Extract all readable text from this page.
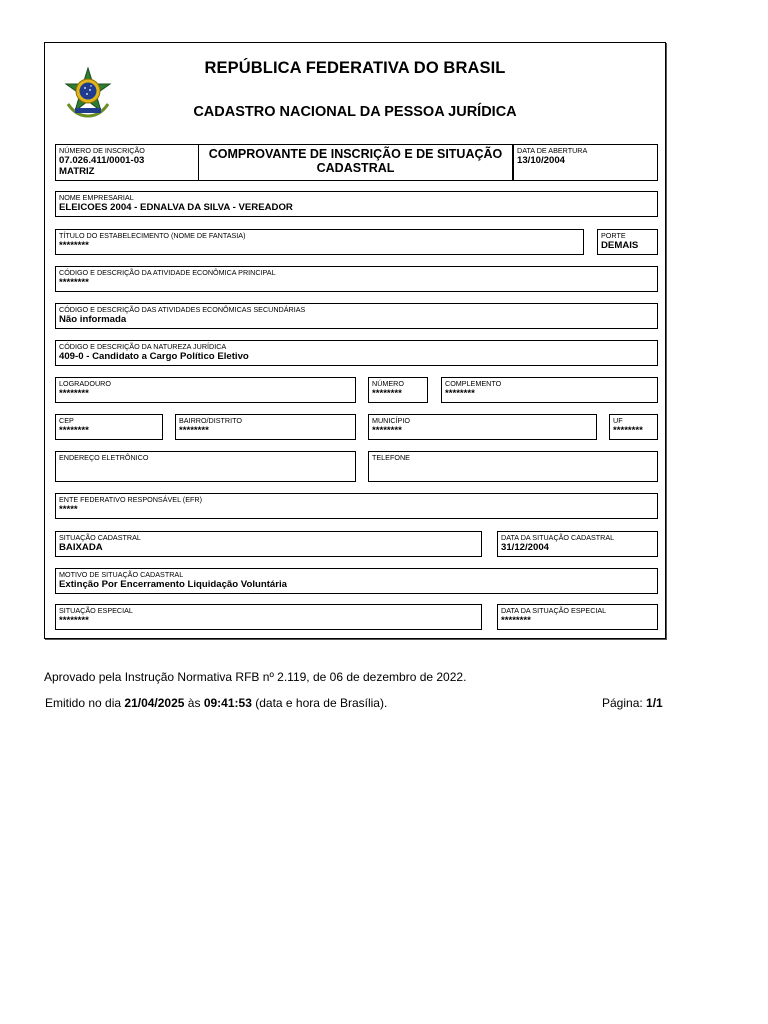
REPÚBLICA FEDERATIVA DO BRASIL
CADASTRO NACIONAL DA PESSOA JURÍDICA
NÚMERO DE INSCRIÇÃO
07.026.411/0001-03
MATRIZ
COMPROVANTE DE INSCRIÇÃO E DE SITUAÇÃO
CADASTRAL
DATA DE ABERTURA
13/10/2004
NOME EMPRESARIAL
ELEICOES 2004 - EDNALVA DA SILVA - VEREADOR
TÍTULO DO ESTABELECIMENTO (NOME DE FANTASIA)
********
PORTE
DEMAIS
CÓDIGO E DESCRIÇÃO DA ATIVIDADE ECONÔMICA PRINCIPAL
********
CÓDIGO E DESCRIÇÃO DAS ATIVIDADES ECONÔMICAS SECUNDÁRIAS
Não informada
CÓDIGO E DESCRIÇÃO DA NATUREZA JURÍDICA
409-0 - Candidato a Cargo Político Eletivo
LOGRADOURO
********
NÚMERO
********
COMPLEMENTO
********
CEP
********
BAIRRO/DISTRITO
********
MUNICÍPIO
********
UF
********
ENDEREÇO ELETRÔNICO	TELEFONE
ENTE FEDERATIVO RESPONSÁVEL (EFR)
*****
SITUAÇÃO CADASTRAL
BAIXADA
DATA DA SITUAÇÃO CADASTRAL
31/12/2004
MOTIVO DE SITUAÇÃO CADASTRAL
Extinção Por Encerramento Liquidação Voluntária
SITUAÇÃO ESPECIAL
********
DATA DA SITUAÇÃO ESPECIAL
********
Aprovado pela Instrução Normativa RFB nº 2.119, de 06 de dezembro de 2022.
Emitido no dia 21/04/2025 às 09:41:53 (data e hora de Brasília).	Página: 1/1
